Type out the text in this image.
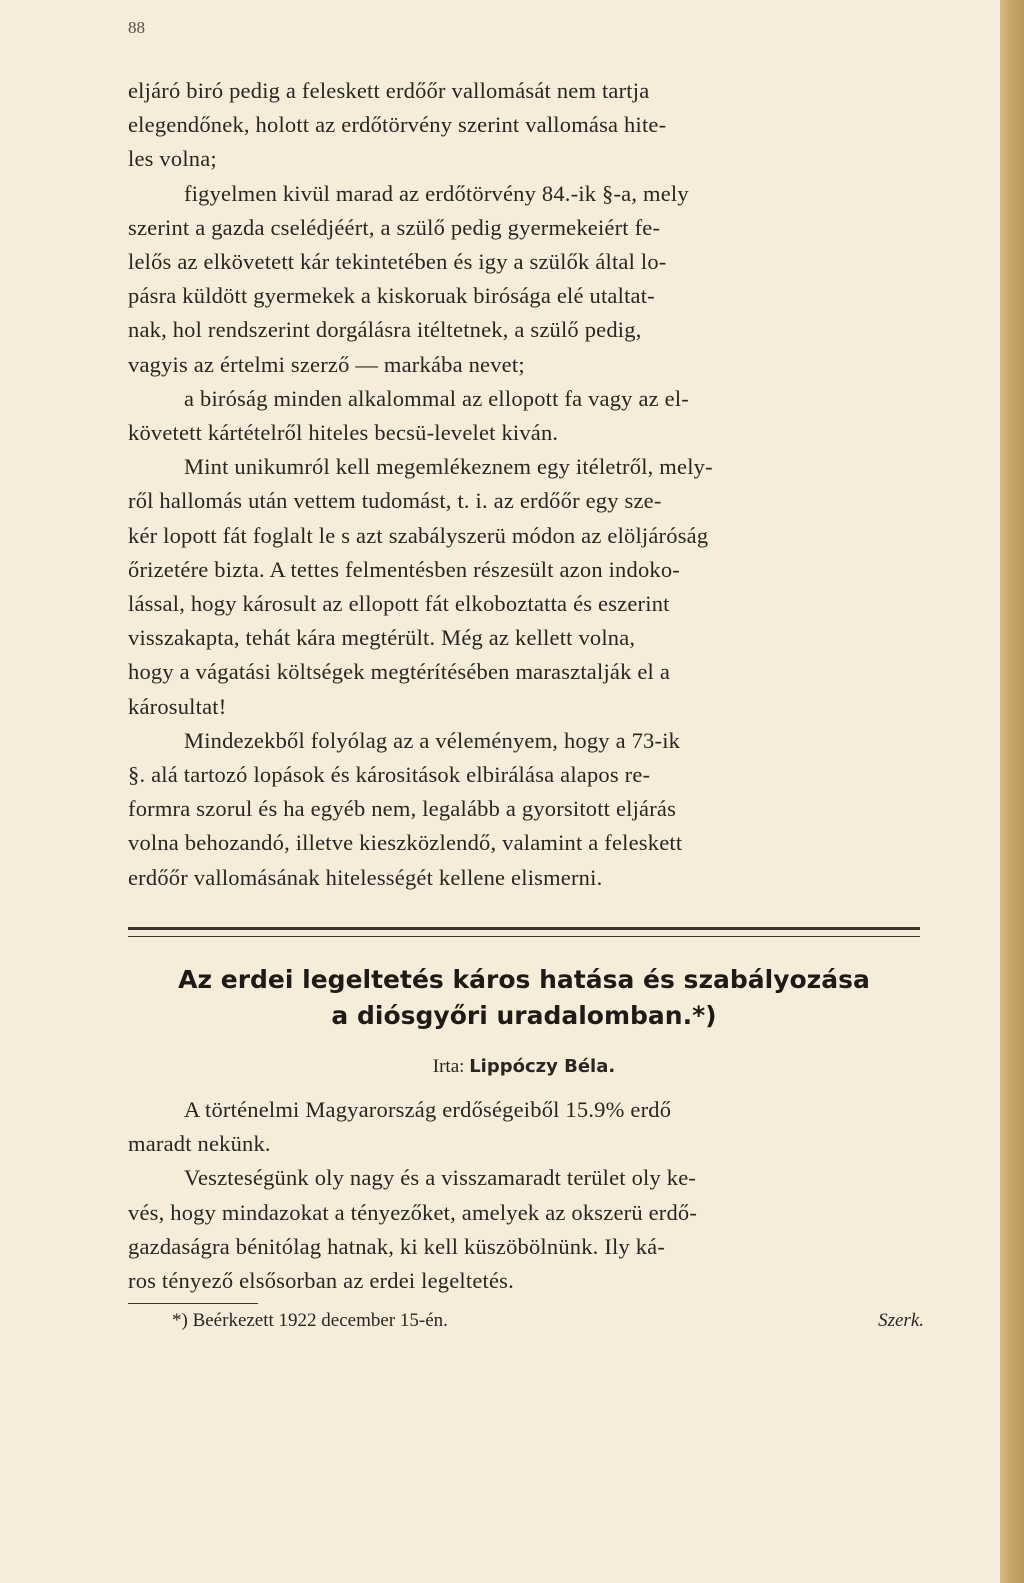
88

eljáró biró pedig a feleskett erdőőr vallomását nem tartja

elegendőnek, holott az erdőtörvény szerint vallomása hite-

les volna;

figyelmen kivül marad az erdőtörvény 84.-ik §-a, mely

szerint a gazda cselédjéért, a szülő pedig gyermekeiért fe-

lelős az elkövetett kár tekintetében és igy a szülők által lo-

pásra küldött gyermekek a kiskoruak birósága elé utaltat-

nak, hol rendszerint dorgálásra itéltetnek, a szülő pedig,

vagyis az értelmi szerző — markába nevet;

a biróság minden alkalommal az ellopott fa vagy az el-

követett kártételről hiteles becsü-levelet kiván.

Mint unikumról kell megemlékeznem egy itéletről, mely-

ről hallomás után vettem tudomást, t. i. az erdőőr egy sze-

kér lopott fát foglalt le s azt szabályszerü módon az elöljáróság

őrizetére bizta. A tettes felmentésben részesült azon indoko-

lással, hogy károsult az ellopott fát elkoboztatta és eszerint

visszakapta, tehát kára megtérült. Még az kellett volna,

hogy a vágatási költségek megtérítésében marasztalják el a

károsultat!

Mindezekből folyólag az a véleményem, hogy a 73-ik

§. alá tartozó lopások és kárositások elbirálása alapos re-

formra szorul és ha egyéb nem, legalább a gyorsitott eljárás

volna behozandó, illetve kieszközlendő, valamint a feleskett

erdőőr vallomásának hitelességét kellene elismerni.

Az erdei legeltetés káros hatása és szabályozása
a diósgyőri uradalomban.*)
Irta: Lippóczy Béla.

A történelmi Magyarország erdőségeiből 15.9% erdő

maradt nekünk.

Veszteségünk oly nagy és a visszamaradt terület oly ke-

vés, hogy mindazokat a tényezőket, amelyek az okszerü erdő-

gazdaságra bénitólag hatnak, ki kell küszöbölnünk. Ily ká-

ros tényező elsősorban az erdei legeltetés.

*) Beérkezett 1922 december 15-én.	Szerk.
